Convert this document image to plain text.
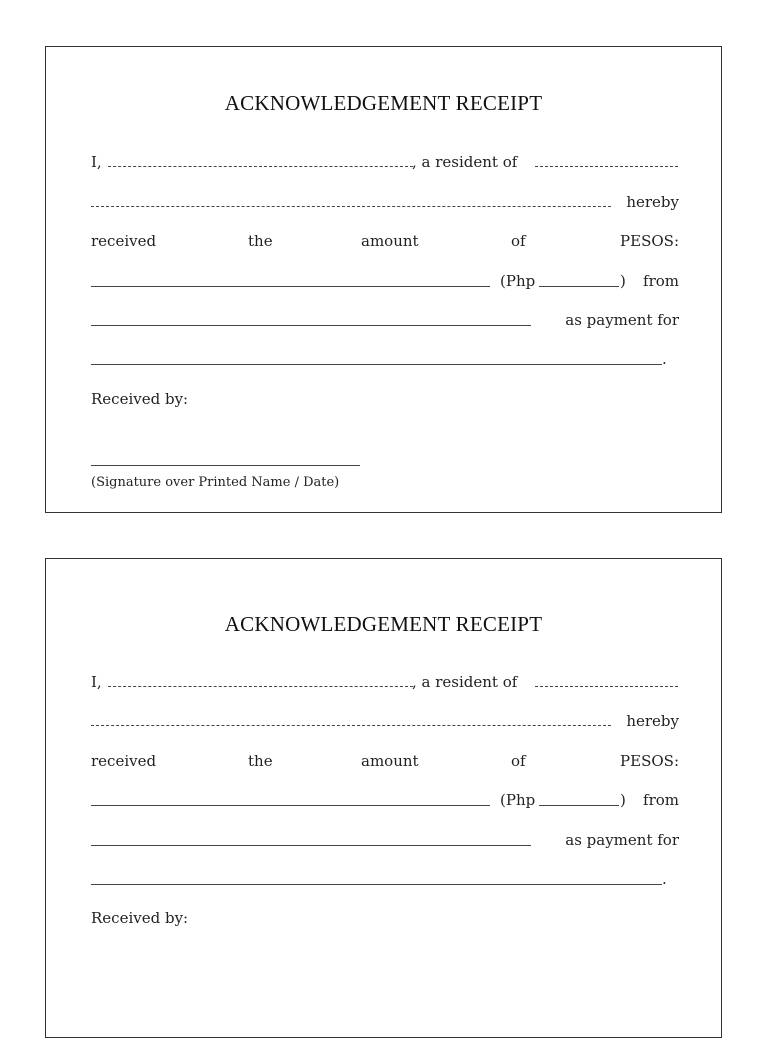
ACKNOWLEDGEMENT RECEIPT
I,	, a resident of
hereby
received	the	amount	of	PESOS:
(Php	) from
as payment for
.
Received by:
(Signature over Printed Name / Date)
ACKNOWLEDGEMENT RECEIPT
I,	, a resident of
hereby
received	the	amount	of	PESOS:
(Php	) from
as payment for
.
Received by:
